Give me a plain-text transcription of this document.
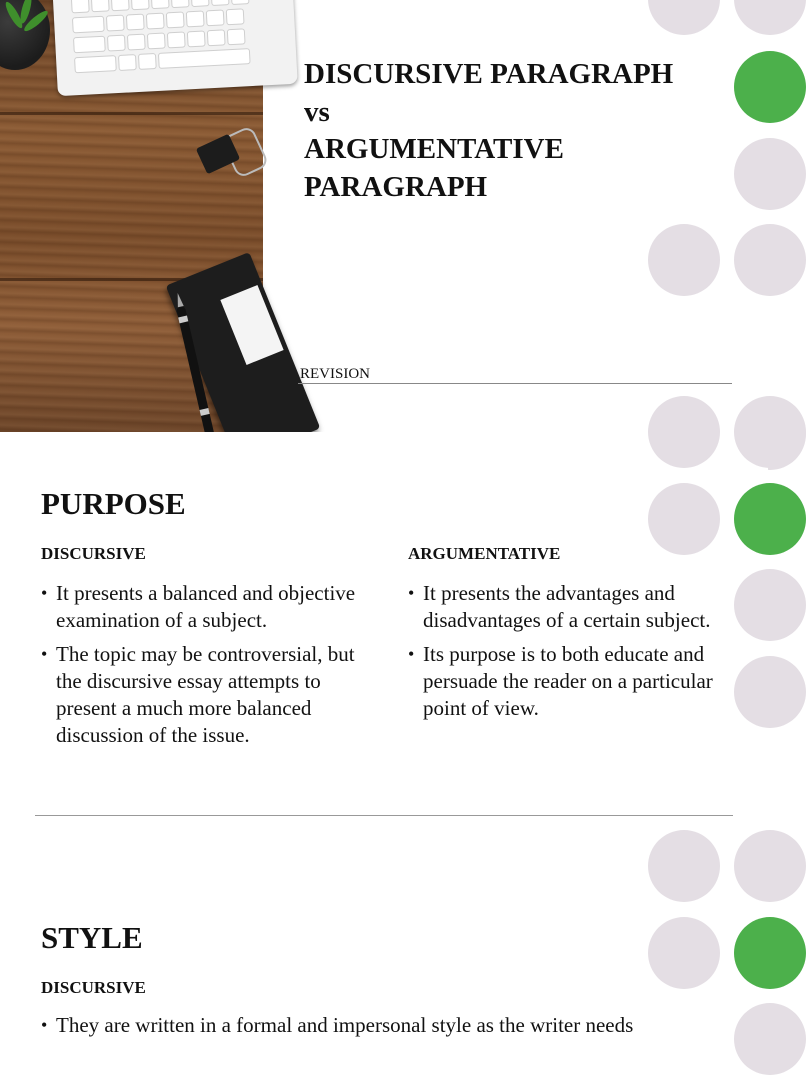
DISCURSIVE PARAGRAPH
vs
ARGUMENTATIVE
PARAGRAPH

REVISION

PURPOSE
DISCURSIVE	ARGUMENTATIVE
• It presents a balanced and objective examination of a subject.
• The topic may be controversial, but the discursive essay attempts to present a much more balanced discussion of the issue.
• It presents the advantages and disadvantages of a certain subject.
• Its purpose is to both educate and persuade the reader on a particular point of view.
STYLE
DISCURSIVE
• They are written in a formal and impersonal style as the writer needs
